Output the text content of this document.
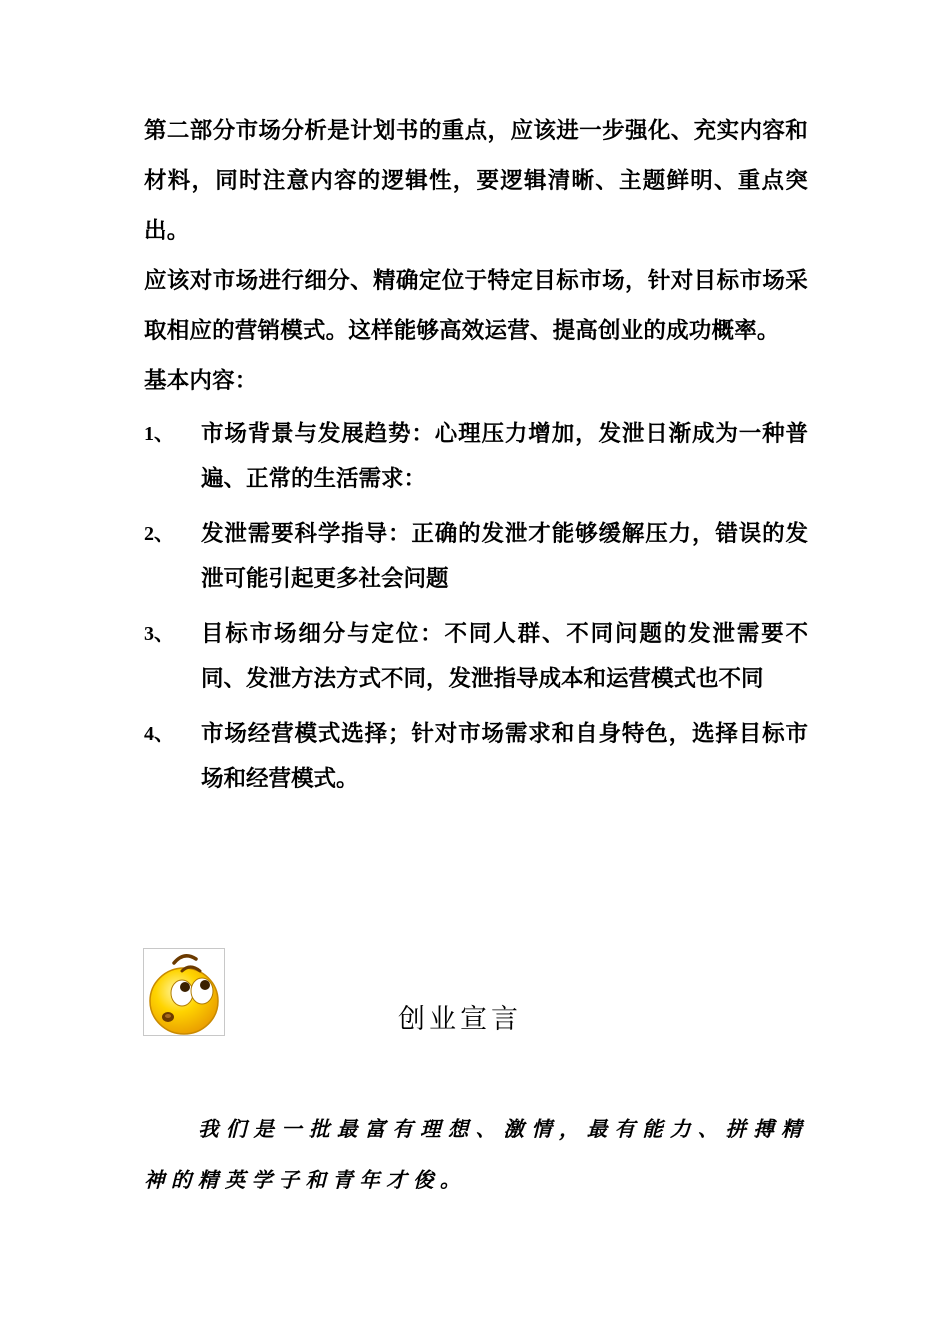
第二部分市场分析是计划书的重点，应该进一步强化、充实内容和材料，同时注意内容的逻辑性，要逻辑清晰、主题鲜明、重点突出。
应该对市场进行细分、精确定位于特定目标市场，针对目标市场采取相应的营销模式。这样能够高效运营、提高创业的成功概率。
基本内容：
1、 市场背景与发展趋势：心理压力增加，发泄日渐成为一种普遍、正常的生活需求：
2、 发泄需要科学指导：正确的发泄才能够缓解压力，错误的发泄可能引起更多社会问题
3、 目标市场细分与定位：不同人群、不同问题的发泄需要不同、发泄方法方式不同，发泄指导成本和运营模式也不同
4、 市场经营模式选择；针对市场需求和自身特色，选择目标市场和经营模式。
创业宣言
我们是一批最富有理想、激情，最有能力、拼搏精神的精英学子和青年才俊。
